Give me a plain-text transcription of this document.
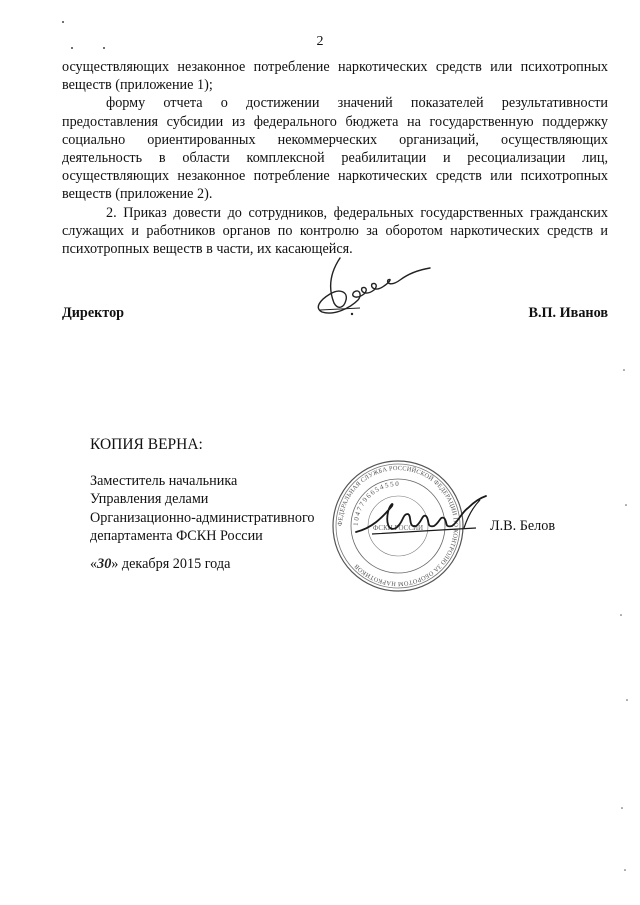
2

осуществляющих незаконное потребление наркотических средств или психотропных веществ (приложение 1);

форму отчета о достижении значений показателей результативности предоставления субсидии из федерального бюджета на государственную поддержку социально ориентированных некоммерческих организаций, осуществляющих деятельность в области комплексной реабилитации и ресоциализации лиц, осуществляющих незаконное потребление наркотических средств или психотропных веществ (приложение 2).

2. Приказ довести до сотрудников, федеральных государственных гражданских служащих и работников органов по контролю за оборотом наркотических средств и психотропных веществ в части, их касающейся.

Директор	В.П. Иванов
КОПИЯ ВЕРНА:
Заместитель начальника
Управления делами
Организационно-административного
департамента ФСКН России
ФЕДЕРАЛЬНАЯ СЛУЖБА РОССИЙСКОЙ ФЕДЕРАЦИИ ПО КОНТРОЛЮ ЗА ОБОРОТОМ НАРКОТИКОВ
1047796654550
ФСКН РОССИИ	Л.В. Белов
«30» декабря 2015 года
